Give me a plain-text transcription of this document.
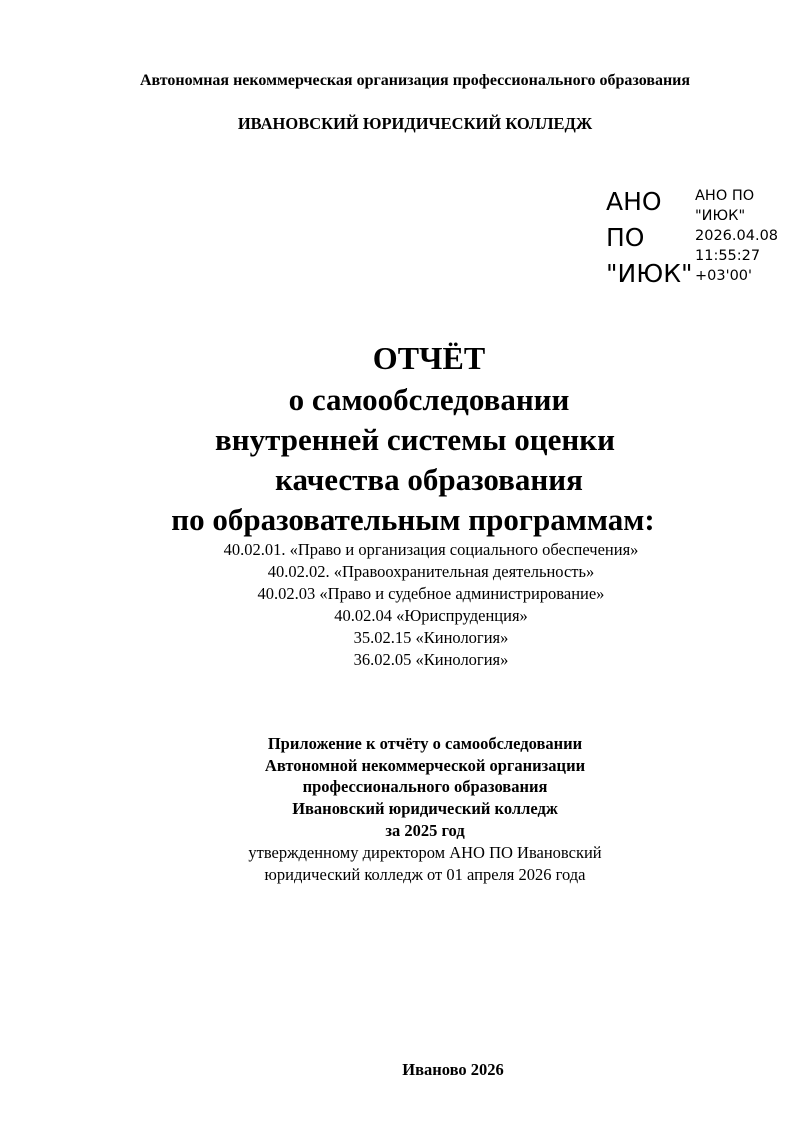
Автономная некоммерческая организация профессионального образования
ИВАНОВСКИЙ ЮРИДИЧЕСКИЙ КОЛЛЕДЖ
АНО
ПО
"ИЮК"
АНО ПО
"ИЮК"
2026.04.08
11:55:27
+03'00'
ОТЧЁТ
о самообследовании
внутренней системы оценки
качества образования
по образовательным программам:
40.02.01. «Право и организация социального обеспечения»
40.02.02. «Правоохранительная деятельность»
40.02.03 «Право и судебное администрирование»
40.02.04 «Юриспруденция»
35.02.15 «Кинология»
36.02.05 «Кинология»
Приложение к отчёту о самообследовании
Автономной некоммерческой организации
профессионального образования
Ивановский юридический колледж
за 2025 год
утвержденному директором АНО ПО Ивановский
юридический колледж от 01 апреля 2026 года
Иваново 2026
